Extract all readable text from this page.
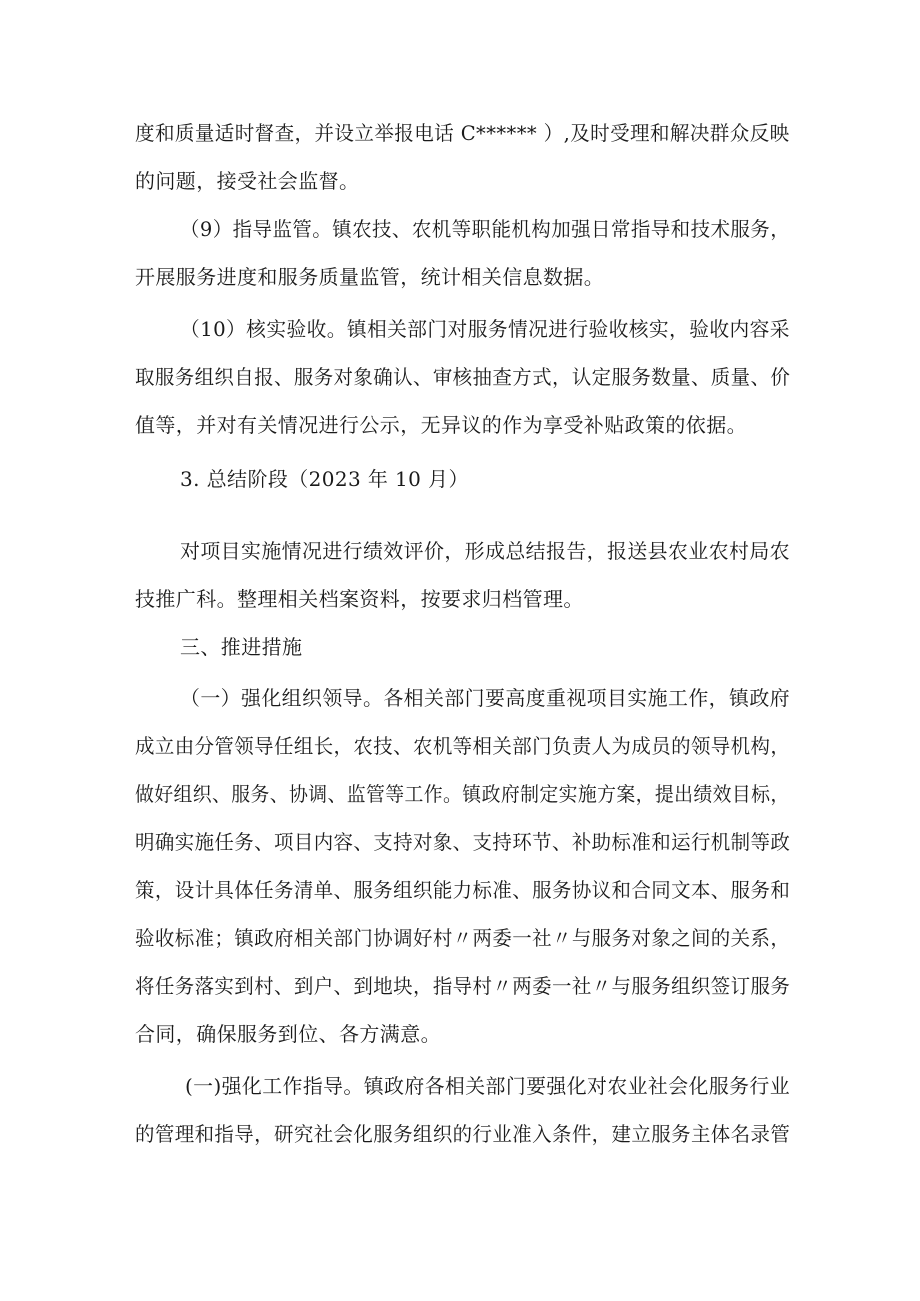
度和质量适时督查，并设立举报电话 C****** ）,及时受理和解决群众反映

的问题，接受社会监督。

（9）指导监管。镇农技、农机等职能机构加强日常指导和技术服务，

开展服务进度和服务质量监管，统计相关信息数据。

（10）核实验收。镇相关部门对服务情况进行验收核实，验收内容采

取服务组织自报、服务对象确认、审核抽查方式，认定服务数量、质量、价

值等，并对有关情况进行公示，无异议的作为享受补贴政策的依据。

3. 总结阶段（2023 年 10 月）

对项目实施情况进行绩效评价，形成总结报告，报送县农业农村局农

技推广科。整理相关档案资料，按要求归档管理。

三、推进措施

（一）强化组织领导。各相关部门要高度重视项目实施工作，镇政府

成立由分管领导任组长，农技、农机等相关部门负责人为成员的领导机构，

做好组织、服务、协调、监管等工作。镇政府制定实施方案，提出绩效目标，

明确实施任务、项目内容、支持对象、支持环节、补助标准和运行机制等政

策，设计具体任务清单、服务组织能力标准、服务协议和合同文本、服务和

验收标准；镇政府相关部门协调好村〃两委一社〃与服务对象之间的关系，

将任务落实到村、到户、到地块，指导村〃两委一社〃与服务组织签订服务

合同，确保服务到位、各方满意。

(一)强化工作指导。镇政府各相关部门要强化对农业社会化服务行业

的管理和指导，研究社会化服务组织的行业准入条件，建立服务主体名录管
